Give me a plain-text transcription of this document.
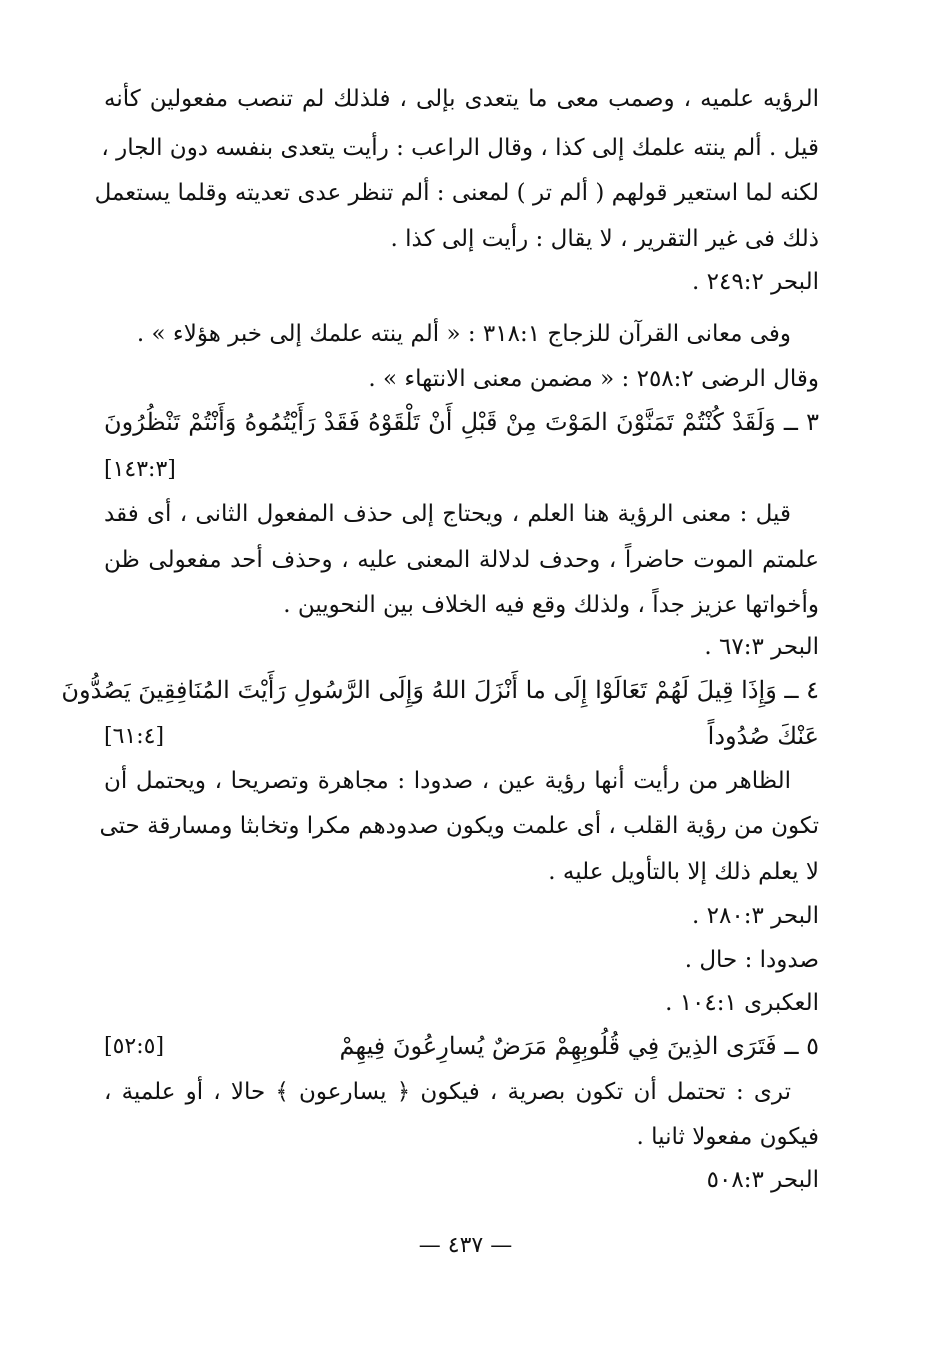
الرؤيه علميه ، وصمب معى ما يتعدى بإلى ، فلذلك لم تنصب مفعولين كأنه
قيل . ألم ينته علمك إلى كذا ، وقال الراعب : رأيت يتعدى بنفسه دون الجار ،
لكنه لما استعير قولهم ( ألم تر ) لمعنى : ألم تنظر عدى تعديته وقلما يستعمل
ذلك فى غير التقرير ، لا يقال : رأيت إلى كذا .
البحر ٢٤٩:٢ .
وفى معانى القرآن للزجاج ٣١٨:١ : « ألم ينته علمك إلى خبر هؤلاء » .
وقال الرضى ٢٥٨:٢ : « مضمن معنى الانتهاء » .
٣ ــ وَلَقَدْ كُنْتُمْ تَمَنَّوْنَ المَوْتَ مِنْ قَبْلِ أَنْ تَلْقَوْهُ فَقَدْ رَأَيْتُمُوهُ وَأَنْتُمْ تَنْظُرُونَ
[١٤٣:٣]
قيل : معنى الرؤية هنا العلم ، ويحتاج إلى حذف المفعول الثانى ، أى فقد
علمتم الموت حاضراً ، وحدف لدلالة المعنى عليه ، وحذف أحد مفعولى ظن
وأخواتها عزيز جداً ، ولذلك وقع فيه الخلاف بين النحويين .
البحر ٦٧:٣ .
٤ ــ وَإِذَا قِيلَ لَهُمْ تَعَالَوْا إِلَى ما أَنْزَلَ اللهُ وَإِلَى الرَّسُولِ رَأَيْتَ المُنَافِقِينَ يَصُدُّونَ
عَنْكَ صُدُوداً
[٦١:٤]
الظاهر من رأيت أنها رؤية عين ، صدودا : مجاهرة وتصريحا ، ويحتمل أن
تكون من رؤية القلب ، أى علمت ويكون صدودهم مكرا وتخابثا ومسارقة حتى
لا يعلم ذلك إلا بالتأويل عليه .
البحر ٢٨٠:٣ .
صدودا : حال .
العكبرى ١٠٤:١ .
٥ ــ فَتَرَى الذِينَ فِي قُلُوبِهِمْ مَرَضٌ يُسارِعُونَ فِيهِمْ
[٥٢:٥]
ترى : تحتمل أن تكون بصرية ، فيكون ﴿ يسارعون ﴾ حالا ، أو علمية ،
فيكون مفعولا ثانيا .
البحر ٥٠٨:٣
— ٤٣٧ —
